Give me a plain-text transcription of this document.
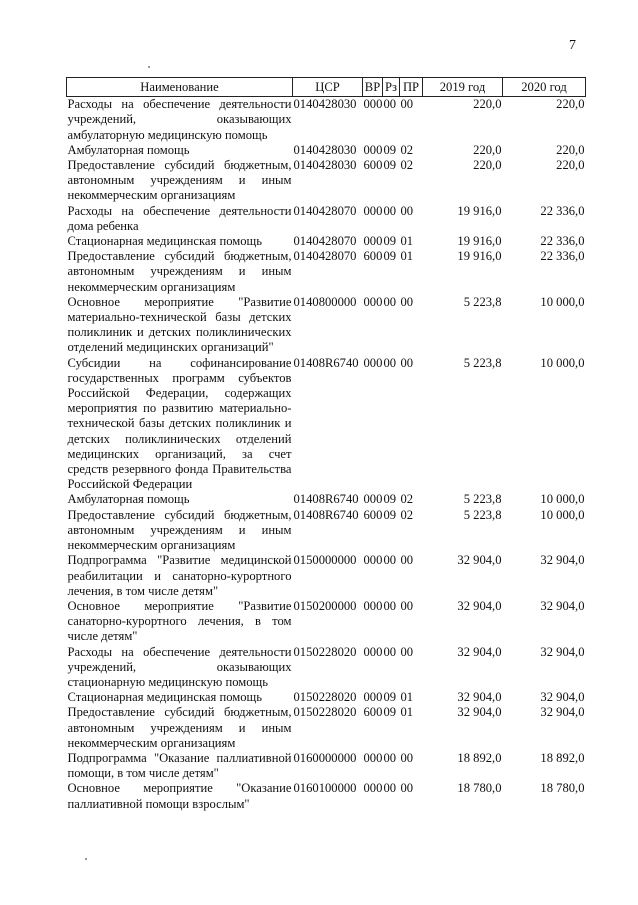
7
Наименование	ЦСР	ВР	Рз	ПР	2019 год	2020 год
Расходы на обеспечение деятельности учреждений, оказывающих амбулаторную медицинскую помощь	0140428030	000	00	00	220,0	220,0
Амбулаторная помощь	0140428030	000	09	02	220,0	220,0
Предоставление субсидий бюджетным, автономным учреждениям и иным некоммерческим организациям	0140428030	600	09	02	220,0	220,0
Расходы на обеспечение деятельности дома ребенка	0140428070	000	00	00	19 916,0	22 336,0
Стационарная медицинская помощь	0140428070	000	09	01	19 916,0	22 336,0
Предоставление субсидий бюджетным, автономным учреждениям и иным некоммерческим организациям	0140428070	600	09	01	19 916,0	22 336,0
Основное мероприятие "Развитие материально-технической базы детских поликлиник и детских поликлинических отделений медицинских организаций"	0140800000	000	00	00	5 223,8	10 000,0
Субсидии на софинансирование государственных программ субъектов Российской Федерации, содержащих мероприятия по развитию материально-технической базы детских поликлиник и детских поликлинических отделений медицинских организаций, за счет средств резервного фонда Правительства Российской Федерации	01408R6740	000	00	00	5 223,8	10 000,0
Амбулаторная помощь	01408R6740	000	09	02	5 223,8	10 000,0
Предоставление субсидий бюджетным, автономным учреждениям и иным некоммерческим организациям	01408R6740	600	09	02	5 223,8	10 000,0
Подпрограмма "Развитие медицинской реабилитации и санаторно-курортного лечения, в том числе детям"	0150000000	000	00	00	32 904,0	32 904,0
Основное мероприятие "Развитие санаторно-курортного лечения, в том числе детям"	0150200000	000	00	00	32 904,0	32 904,0
Расходы на обеспечение деятельности учреждений, оказывающих стационарную медицинскую помощь	0150228020	000	00	00	32 904,0	32 904,0
Стационарная медицинская помощь	0150228020	000	09	01	32 904,0	32 904,0
Предоставление субсидий бюджетным, автономным учреждениям и иным некоммерческим организациям	0150228020	600	09	01	32 904,0	32 904,0
Подпрограмма "Оказание паллиативной помощи, в том числе детям"	0160000000	000	00	00	18 892,0	18 892,0
Основное мероприятие "Оказание паллиативной помощи взрослым"	0160100000	000	00	00	18 780,0	18 780,0
